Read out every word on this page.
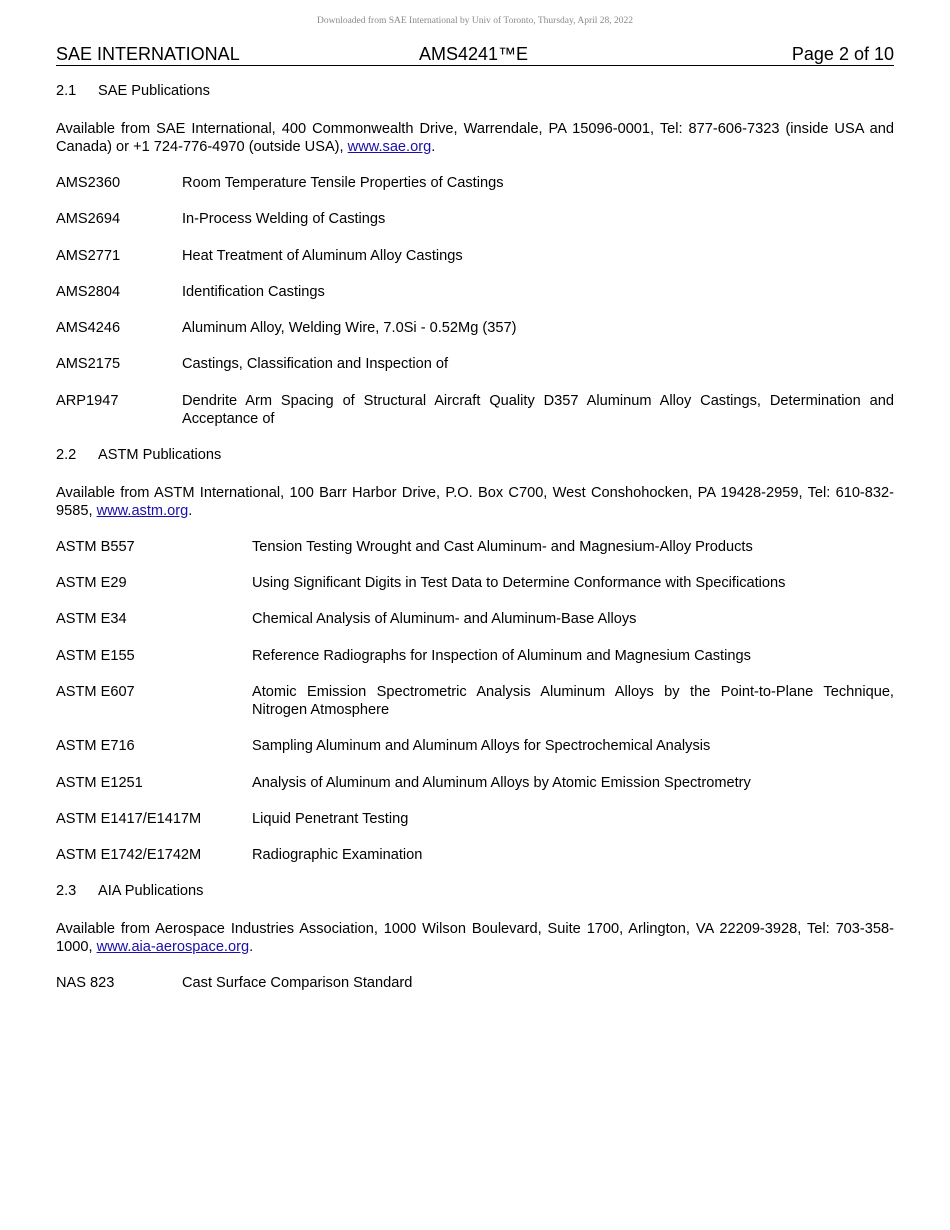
Downloaded from SAE International by Univ of Toronto, Thursday, April 28, 2022
SAE INTERNATIONAL	AMS4241™E	Page 2 of 10
2.1	SAE Publications

Available from SAE International, 400 Commonwealth Drive, Warrendale, PA 15096-0001, Tel: 877-606-7323 (inside USA and Canada) or +1 724-776-4970 (outside USA), www.sae.org.

AMS2360	Room Temperature Tensile Properties of Castings
AMS2694	In-Process Welding of Castings
AMS2771	Heat Treatment of Aluminum Alloy Castings
AMS2804	Identification Castings
AMS4246	Aluminum Alloy, Welding Wire, 7.0Si - 0.52Mg (357)
AMS2175	Castings, Classification and Inspection of
ARP1947	Dendrite Arm Spacing of Structural Aircraft Quality D357 Aluminum Alloy Castings, Determination and Acceptance of
2.2	ASTM Publications

Available from ASTM International, 100 Barr Harbor Drive, P.O. Box C700, West Conshohocken, PA 19428-2959, Tel: 610-832-9585, www.astm.org.

ASTM B557	Tension Testing Wrought and Cast Aluminum- and Magnesium-Alloy Products
ASTM E29	Using Significant Digits in Test Data to Determine Conformance with Specifications
ASTM E34	Chemical Analysis of Aluminum- and Aluminum-Base Alloys
ASTM E155	Reference Radiographs for Inspection of Aluminum and Magnesium Castings
ASTM E607	Atomic Emission Spectrometric Analysis Aluminum Alloys by the Point-to-Plane Technique, Nitrogen Atmosphere
ASTM E716	Sampling Aluminum and Aluminum Alloys for Spectrochemical Analysis
ASTM E1251	Analysis of Aluminum and Aluminum Alloys by Atomic Emission Spectrometry
ASTM E1417/E1417M	Liquid Penetrant Testing
ASTM E1742/E1742M	Radiographic Examination
2.3	AIA Publications

Available from Aerospace Industries Association, 1000 Wilson Boulevard, Suite 1700, Arlington, VA 22209-3928, Tel: 703-358-1000, www.aia-aerospace.org.

NAS 823	Cast Surface Comparison Standard
